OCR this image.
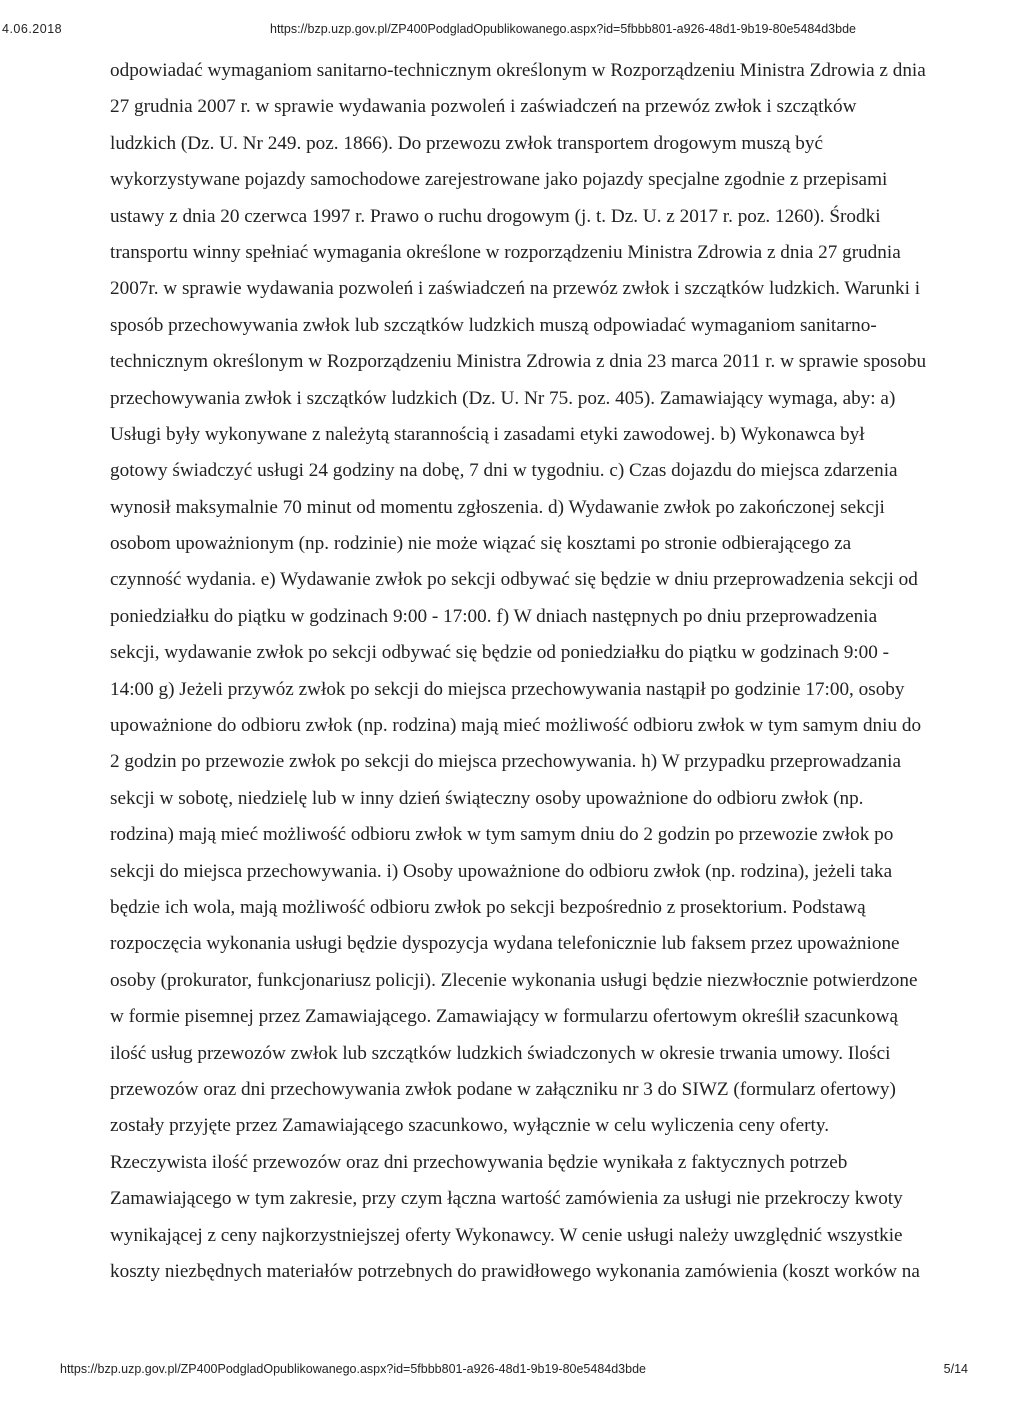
4.06.2018	https://bzp.uzp.gov.pl/ZP400PodgladOpublikowanego.aspx?id=5fbbb801-a926-48d1-9b19-80e5484d3bde
odpowiadać wymaganiom sanitarno-technicznym określonym w Rozporządzeniu Ministra Zdrowia z dnia
27 grudnia 2007 r. w sprawie wydawania pozwoleń i zaświadczeń na przewóz zwłok i szczątków
ludzkich (Dz. U. Nr 249. poz. 1866). Do przewozu zwłok transportem drogowym muszą być
wykorzystywane pojazdy samochodowe zarejestrowane jako pojazdy specjalne zgodnie z przepisami
ustawy z dnia 20 czerwca 1997 r. Prawo o ruchu drogowym (j. t. Dz. U. z 2017 r. poz. 1260). Środki
transportu winny spełniać wymagania określone w rozporządzeniu Ministra Zdrowia z dnia 27 grudnia
2007r. w sprawie wydawania pozwoleń i zaświadczeń na przewóz zwłok i szczątków ludzkich. Warunki i
sposób przechowywania zwłok lub szczątków ludzkich muszą odpowiadać wymaganiom sanitarno-
technicznym określonym w Rozporządzeniu Ministra Zdrowia z dnia 23 marca 2011 r. w sprawie sposobu
przechowywania zwłok i szczątków ludzkich (Dz. U. Nr 75. poz. 405). Zamawiający wymaga, aby: a)
Usługi były wykonywane z należytą starannością i zasadami etyki zawodowej. b) Wykonawca był
gotowy świadczyć usługi 24 godziny na dobę, 7 dni w tygodniu. c) Czas dojazdu do miejsca zdarzenia
wynosił maksymalnie 70 minut od momentu zgłoszenia. d) Wydawanie zwłok po zakończonej sekcji
osobom upoważnionym (np. rodzinie) nie może wiązać się kosztami po stronie odbierającego za
czynność wydania. e) Wydawanie zwłok po sekcji odbywać się będzie w dniu przeprowadzenia sekcji od
poniedziałku do piątku w godzinach 9:00 - 17:00. f) W dniach następnych po dniu przeprowadzenia
sekcji, wydawanie zwłok po sekcji odbywać się będzie od poniedziałku do piątku w godzinach 9:00 -
14:00 g) Jeżeli przywóz zwłok po sekcji do miejsca przechowywania nastąpił po godzinie 17:00, osoby
upoważnione do odbioru zwłok (np. rodzina) mają mieć możliwość odbioru zwłok w tym samym dniu do
2 godzin po przewozie zwłok po sekcji do miejsca przechowywania. h) W przypadku przeprowadzania
sekcji w sobotę, niedzielę lub w inny dzień świąteczny osoby upoważnione do odbioru zwłok (np.
rodzina) mają mieć możliwość odbioru zwłok w tym samym dniu do 2 godzin po przewozie zwłok po
sekcji do miejsca przechowywania. i) Osoby upoważnione do odbioru zwłok (np. rodzina), jeżeli taka
będzie ich wola, mają możliwość odbioru zwłok po sekcji bezpośrednio z prosektorium. Podstawą
rozpoczęcia wykonania usługi będzie dyspozycja wydana telefonicznie lub faksem przez upoważnione
osoby (prokurator, funkcjonariusz policji). Zlecenie wykonania usługi będzie niezwłocznie potwierdzone
w formie pisemnej przez Zamawiającego. Zamawiający w formularzu ofertowym określił szacunkową
ilość usług przewozów zwłok lub szczątków ludzkich świadczonych w okresie trwania umowy. Ilości
przewozów oraz dni przechowywania zwłok podane w załączniku nr 3 do SIWZ (formularz ofertowy)
zostały przyjęte przez Zamawiającego szacunkowo, wyłącznie w celu wyliczenia ceny oferty.
Rzeczywista ilość przewozów oraz dni przechowywania będzie wynikała z faktycznych potrzeb
Zamawiającego w tym zakresie, przy czym łączna wartość zamówienia za usługi nie przekroczy kwoty
wynikającej z ceny najkorzystniejszej oferty Wykonawcy. W cenie usługi należy uwzględnić wszystkie
koszty niezbędnych materiałów potrzebnych do prawidłowego wykonania zamówienia (koszt worków na
https://bzp.uzp.gov.pl/ZP400PodgladOpublikowanego.aspx?id=5fbbb801-a926-48d1-9b19-80e5484d3bde	5/14
